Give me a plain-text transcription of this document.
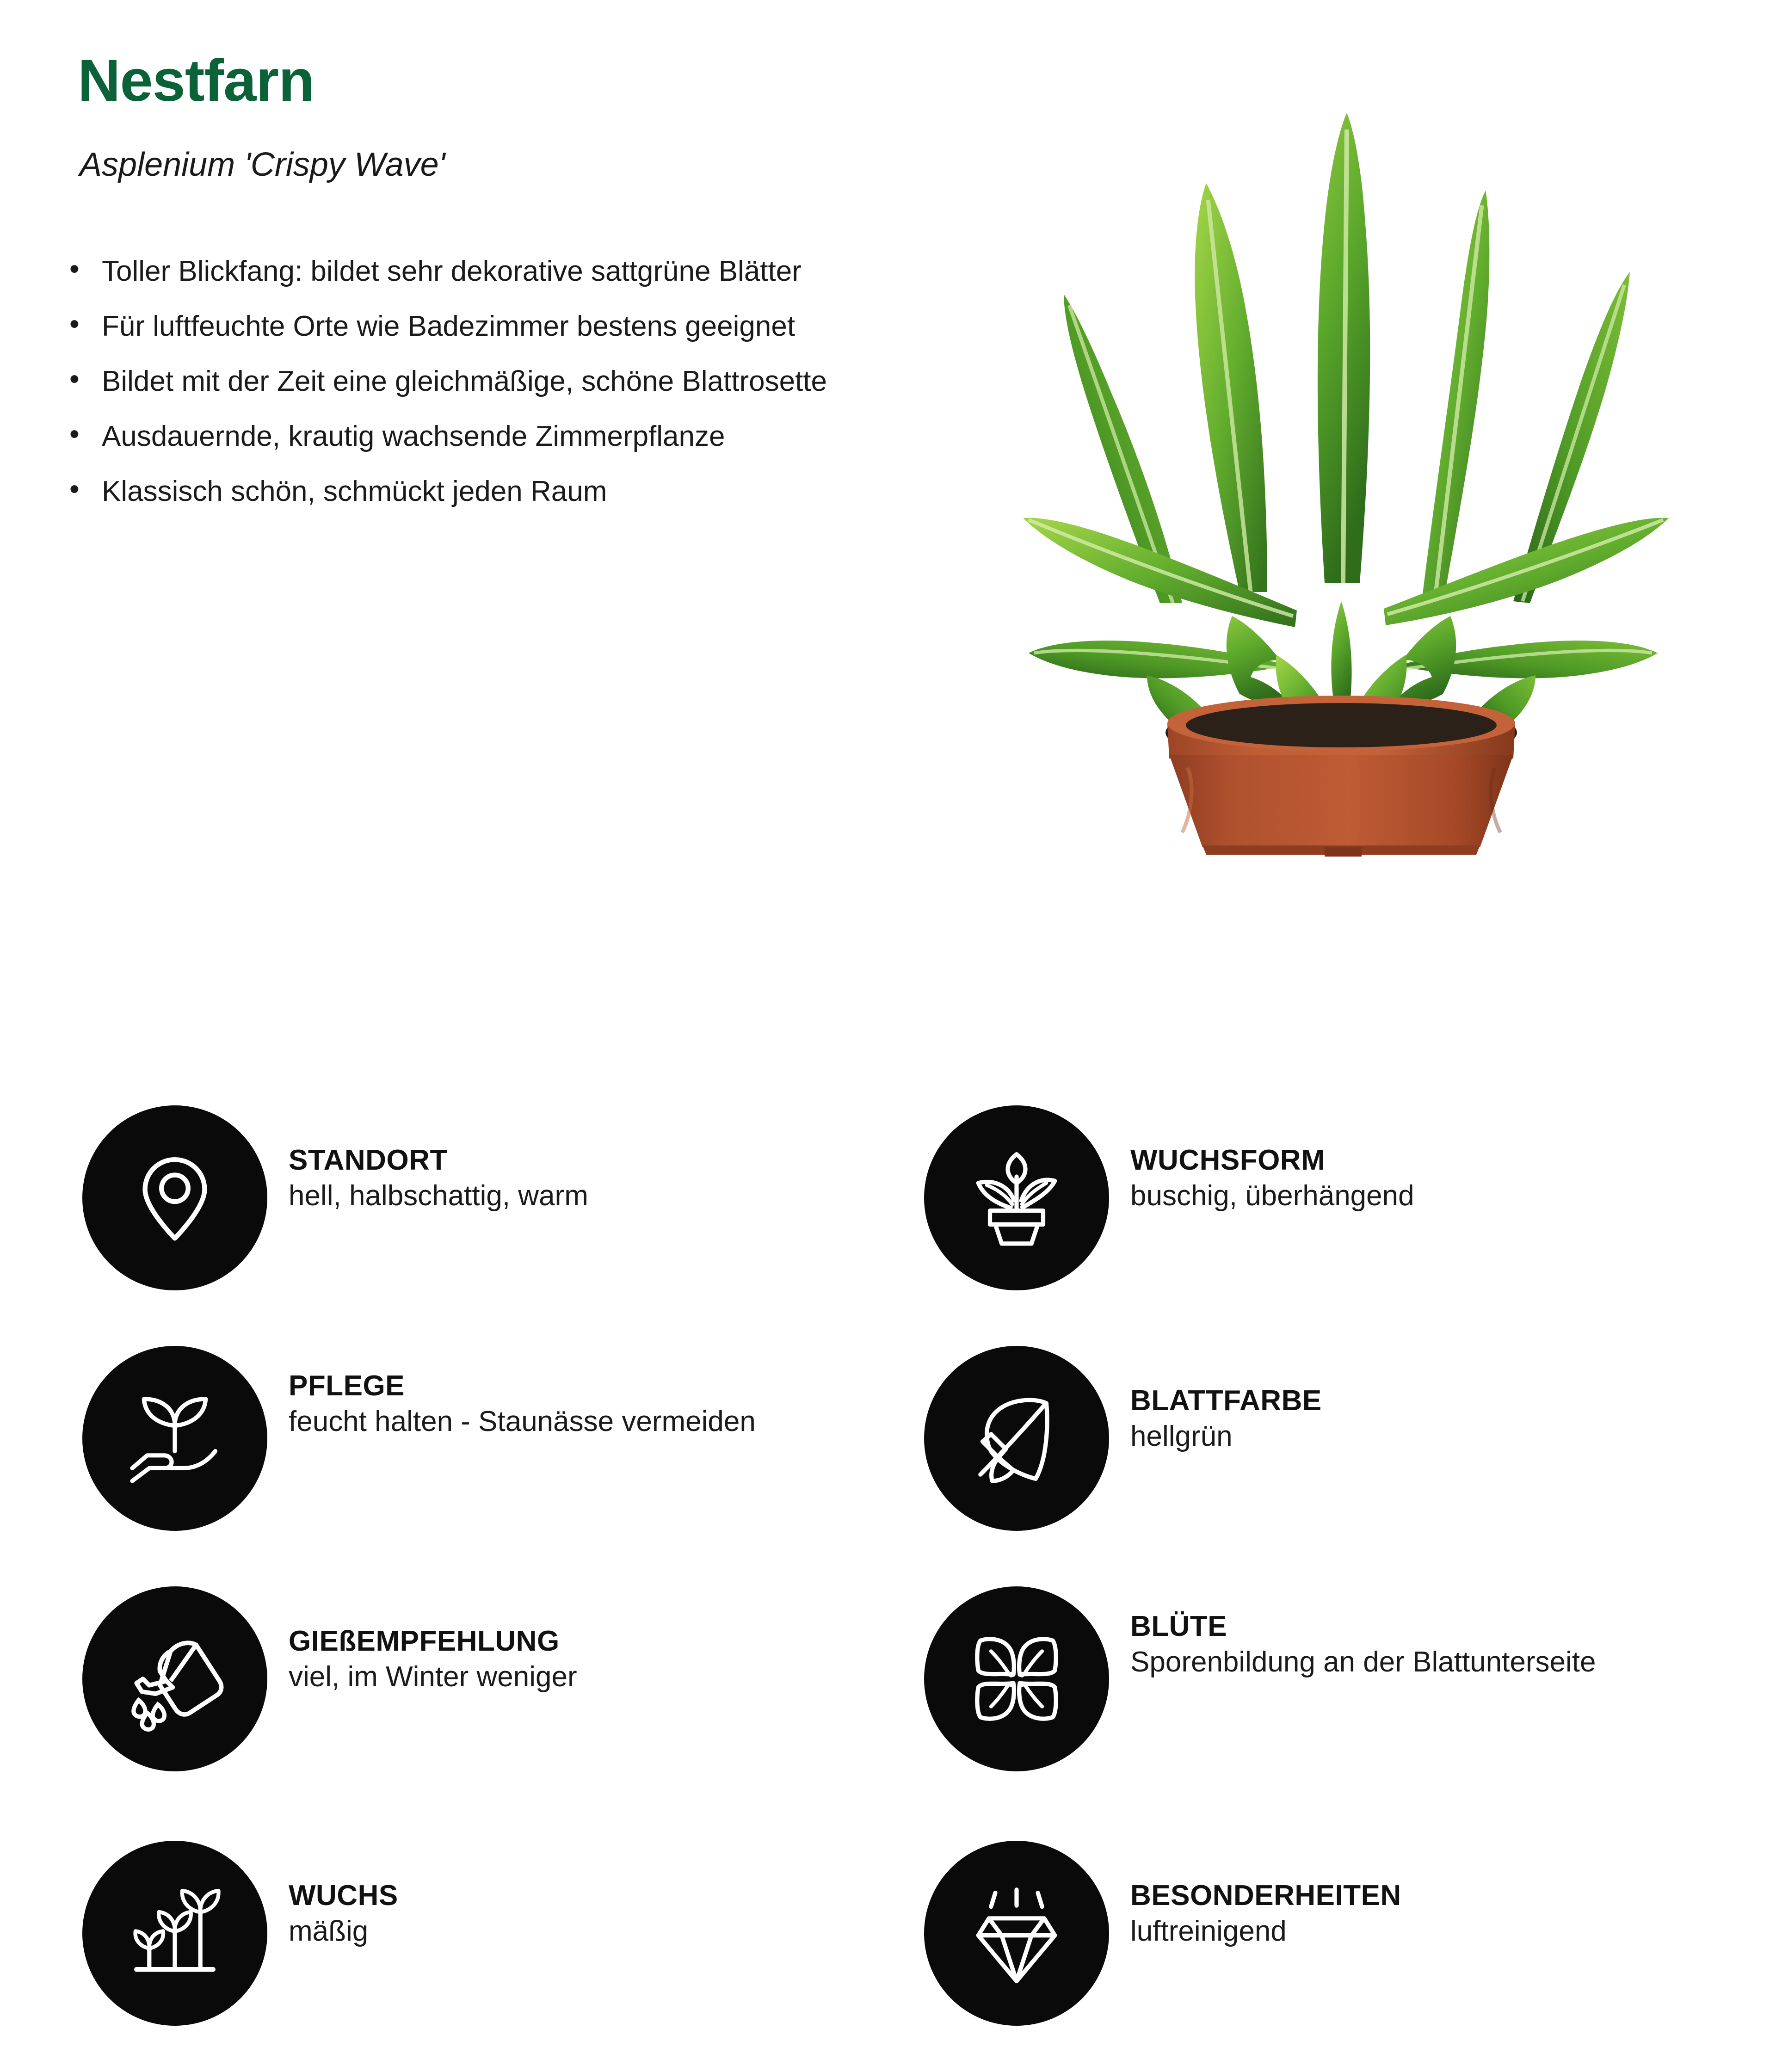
Nestfarn
Asplenium 'Crispy Wave'
• Toller Blickfang: bildet sehr dekorative sattgrüne Blätter
• Für luftfeuchte Orte wie Badezimmer bestens geeignet
• Bildet mit der Zeit eine gleichmäßige, schöne Blattrosette
• Ausdauernde, krautig wachsende Zimmerpflanze
• Klassisch schön, schmückt jeden Raum
STANDORT
hell, halbschattig, warm
WUCHSFORM
buschig, überhängend
PFLEGE
feucht halten - Staunässe vermeiden
BLATTFARBE
hellgrün
GIEßEMPFEHLUNG
viel, im Winter weniger
BLÜTE
Sporenbildung an der Blattunterseite
WUCHS
mäßig
BESONDERHEITEN
luftreinigend
